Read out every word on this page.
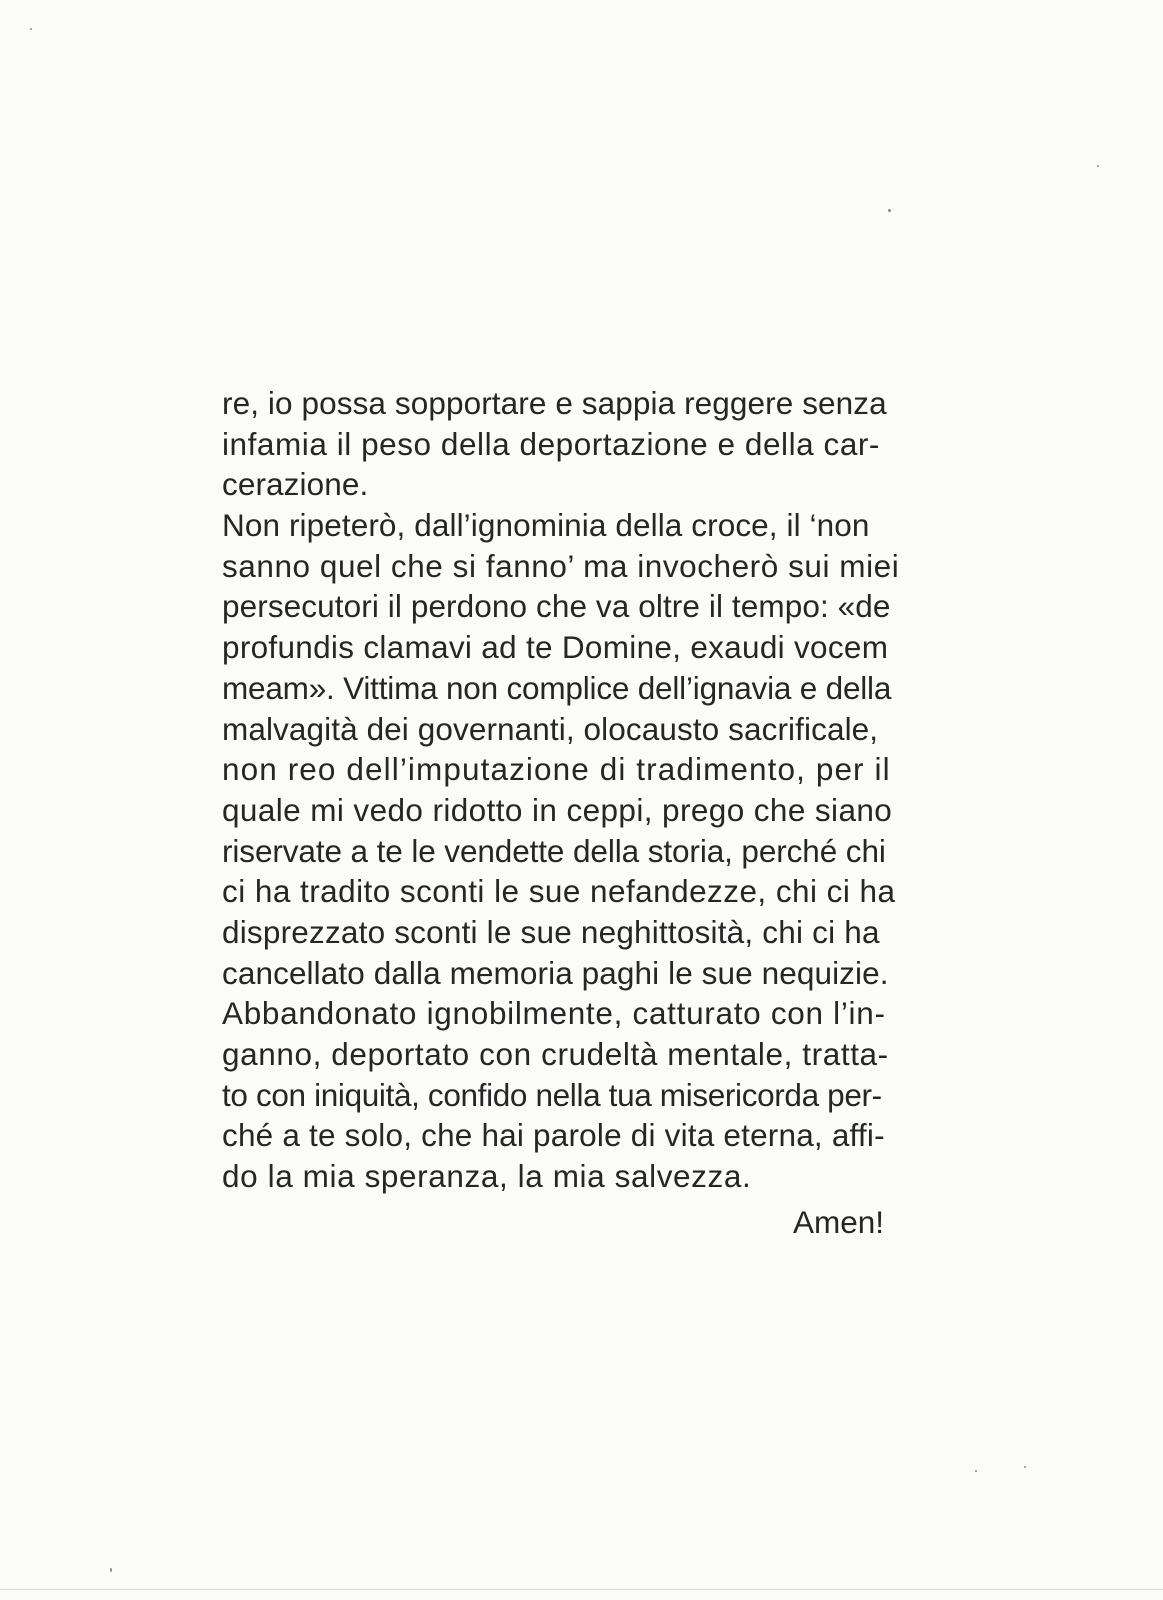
re, io possa sopportare e sappia reggere senza
infamia il peso della deportazione e della car-
cerazione.
Non ripeterò, dall’ignominia della croce, il ‘non
sanno quel che si fanno’ ma invocherò sui miei
persecutori il perdono che va oltre il tempo: «de
profundis clamavi ad te Domine, exaudi vocem
meam». Vittima non complice dell’ignavia e della
malvagità dei governanti, olocausto sacrificale,
non reo dell’imputazione di tradimento, per il
quale mi vedo ridotto in ceppi, prego che siano
riservate a te le vendette della storia, perché chi
ci ha tradito sconti le sue nefandezze, chi ci ha
disprezzato sconti le sue neghittosità, chi ci ha
cancellato dalla memoria paghi le sue nequizie.
Abbandonato ignobilmente, catturato con l’in-
ganno, deportato con crudeltà mentale, tratta-
to con iniquità, confido nella tua misericorda per-
ché a te solo, che hai parole di vita eterna, affi-
do la mia speranza, la mia salvezza.
Amen!
